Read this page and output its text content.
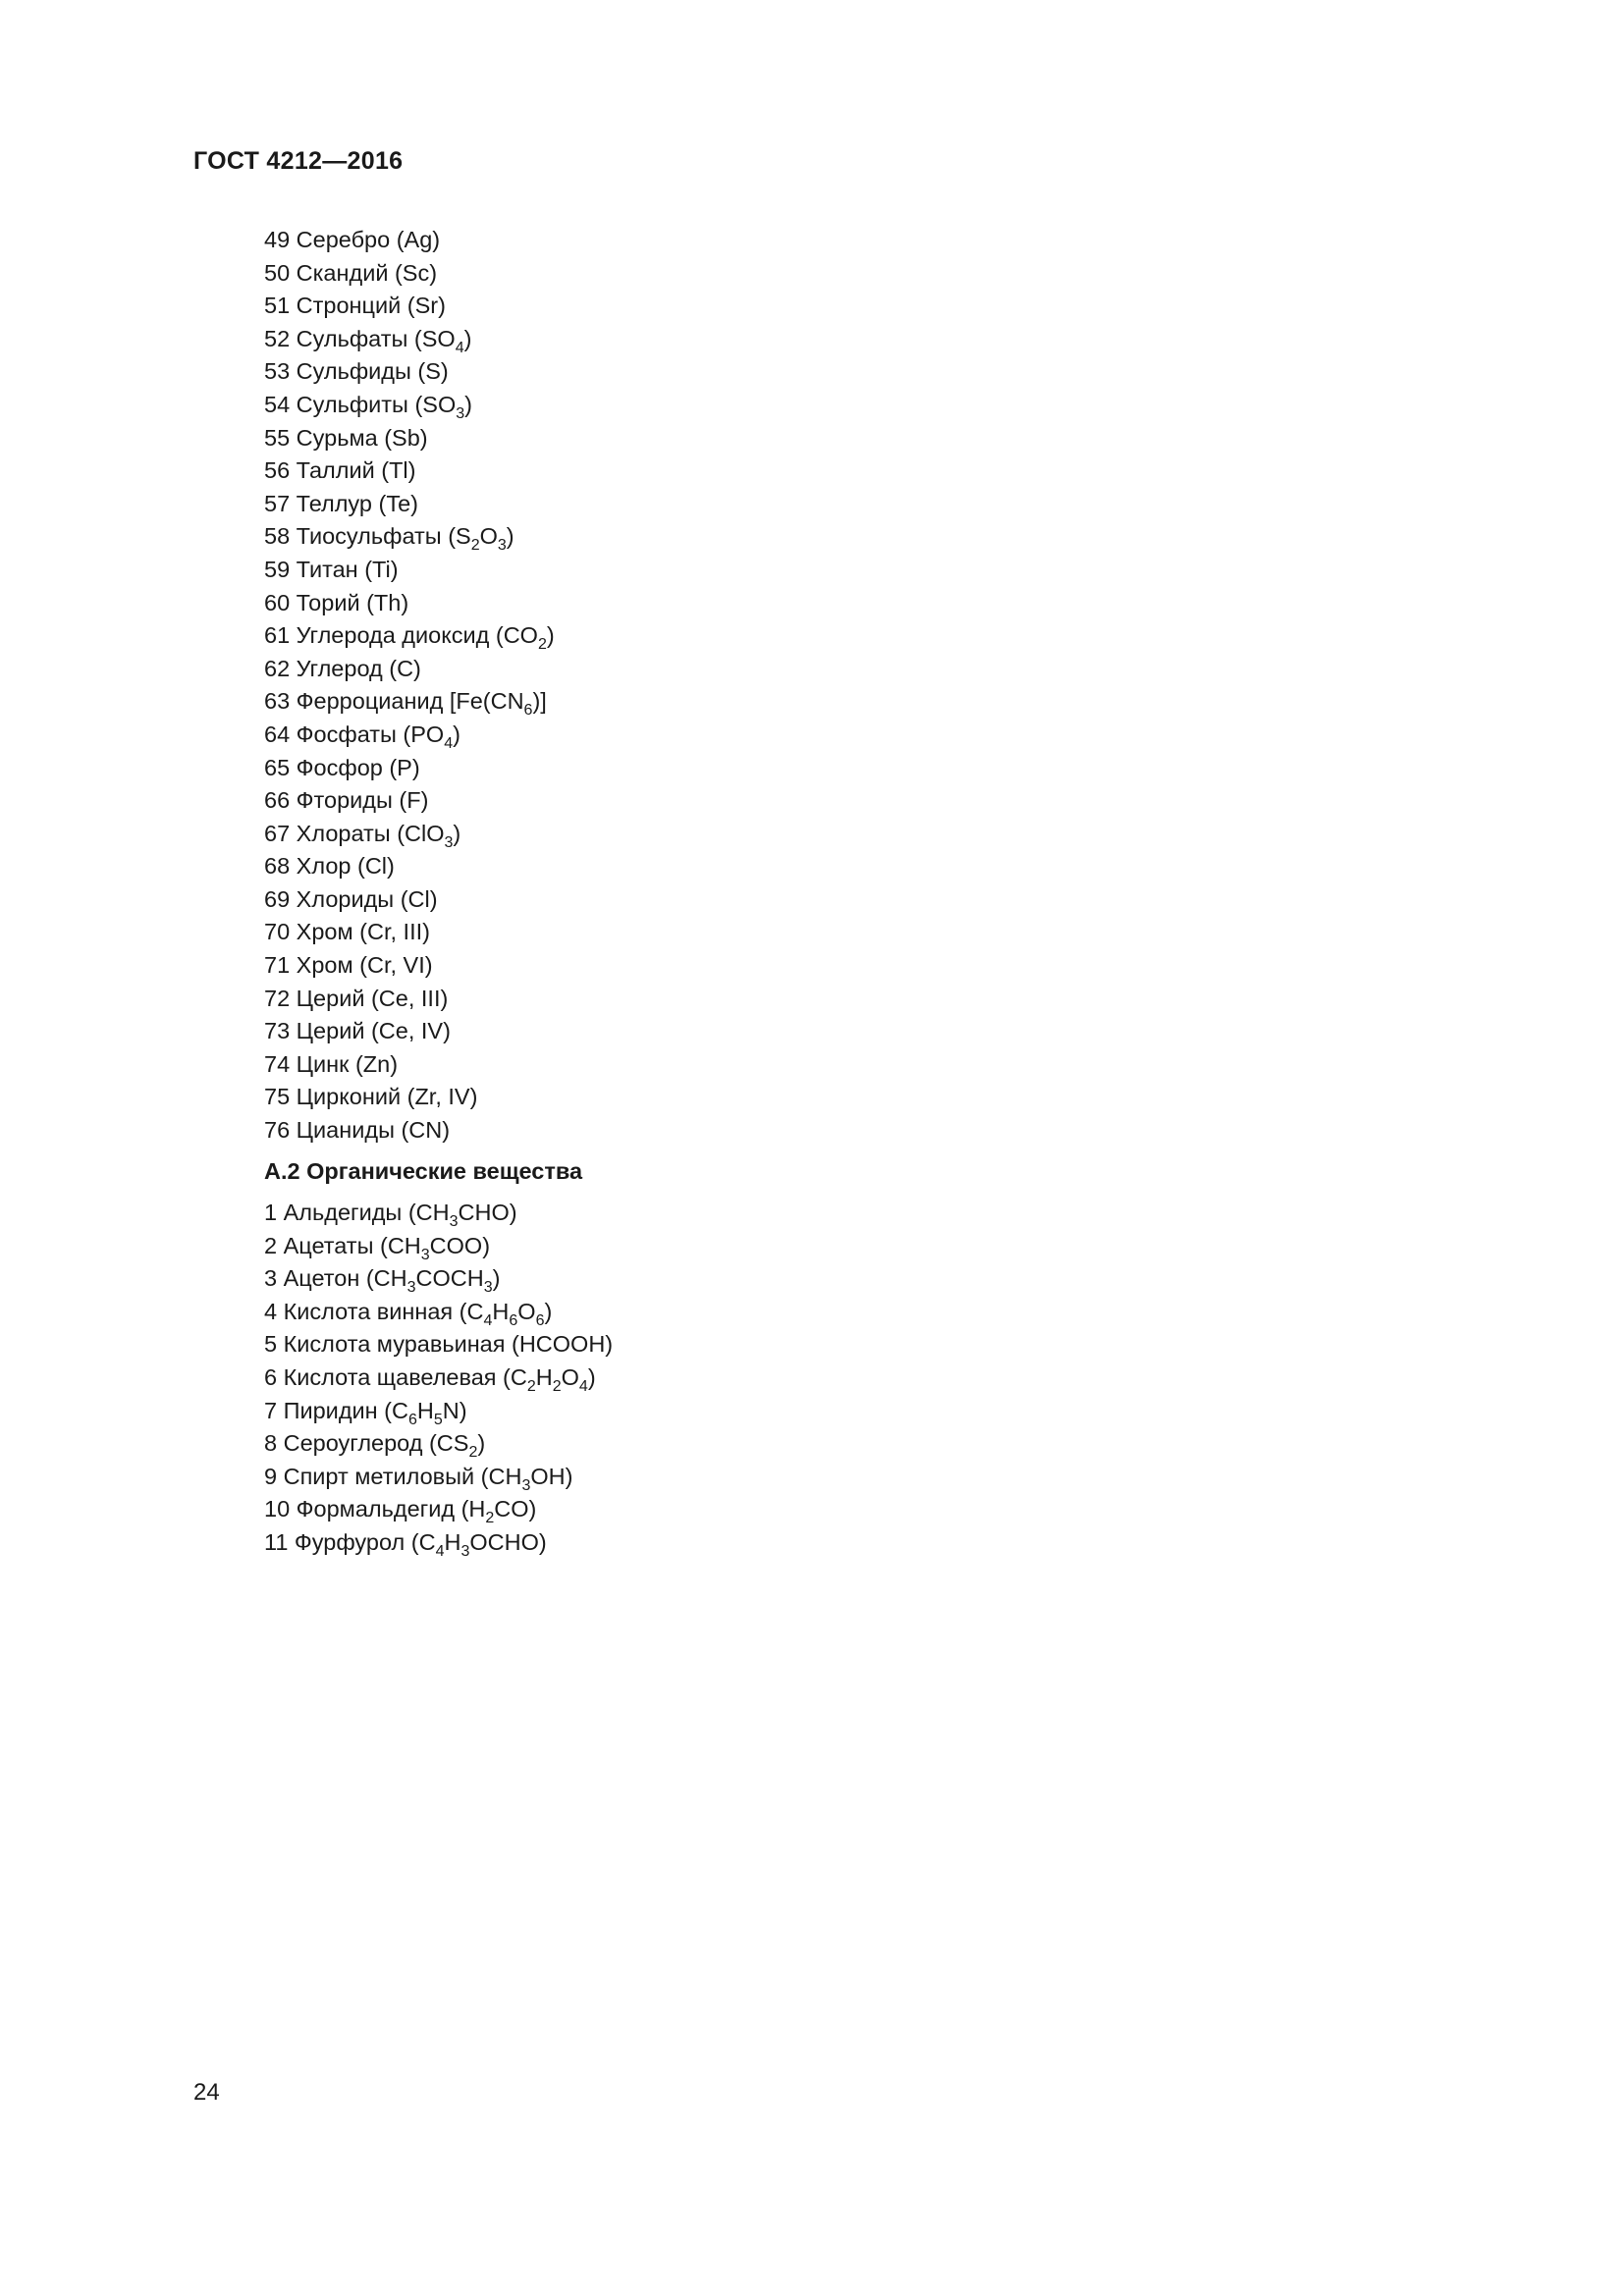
ГОСТ 4212—2016
49 Серебро (Ag)
50 Скандий (Sc)
51 Стронций (Sr)
52 Сульфаты $(SO_4)$
53 Сульфиды (S)
54 Сульфиты $(SO_3)$
55 Сурьма (Sb)
56 Таллий (Tl)
57 Теллур (Te)
58 Тиосульфаты $(S_2O_3)$
59 Титан (Ti)
60 Торий (Th)
61 Углерода диоксид $(CO_2)$
62 Углерод (C)
63 Ферроцианид $[Fe(CN_6)]$
64 Фосфаты $(PO_4)$
65 Фосфор (P)
66 Фториды (F)
67 Хлораты (ClO$_3$)
68 Хлор (Cl)
69 Хлориды (Cl)
70 Хром (Cr, III)
71 Хром (Cr, VI)
72 Церий (Ce, III)
73 Церий (Ce, IV)
74 Цинк (Zn)
75 Цирконий (Zr, IV)
76 Цианиды (CN)
А.2 Органические вещества
1 Альдегиды $(CH_3CHO)$
2 Ацетаты $(CH_3COO)$
3 Ацетон $(CH_3COCH_3)$
4 Кислота винная $(C_4H_6O_6)$
5 Кислота муравьиная (HCOOH)
6 Кислота щавелевая $(C_2H_2O_4)$
7 Пиридин $(C_6H_5N)$
8 Сероуглерод $(CS_2)$
9 Спирт метиловый $(CH_3OH)$
10 Формальдегид $(H_2CO)$
11 Фурфурол $(C_4H_3OCHO)$
24
